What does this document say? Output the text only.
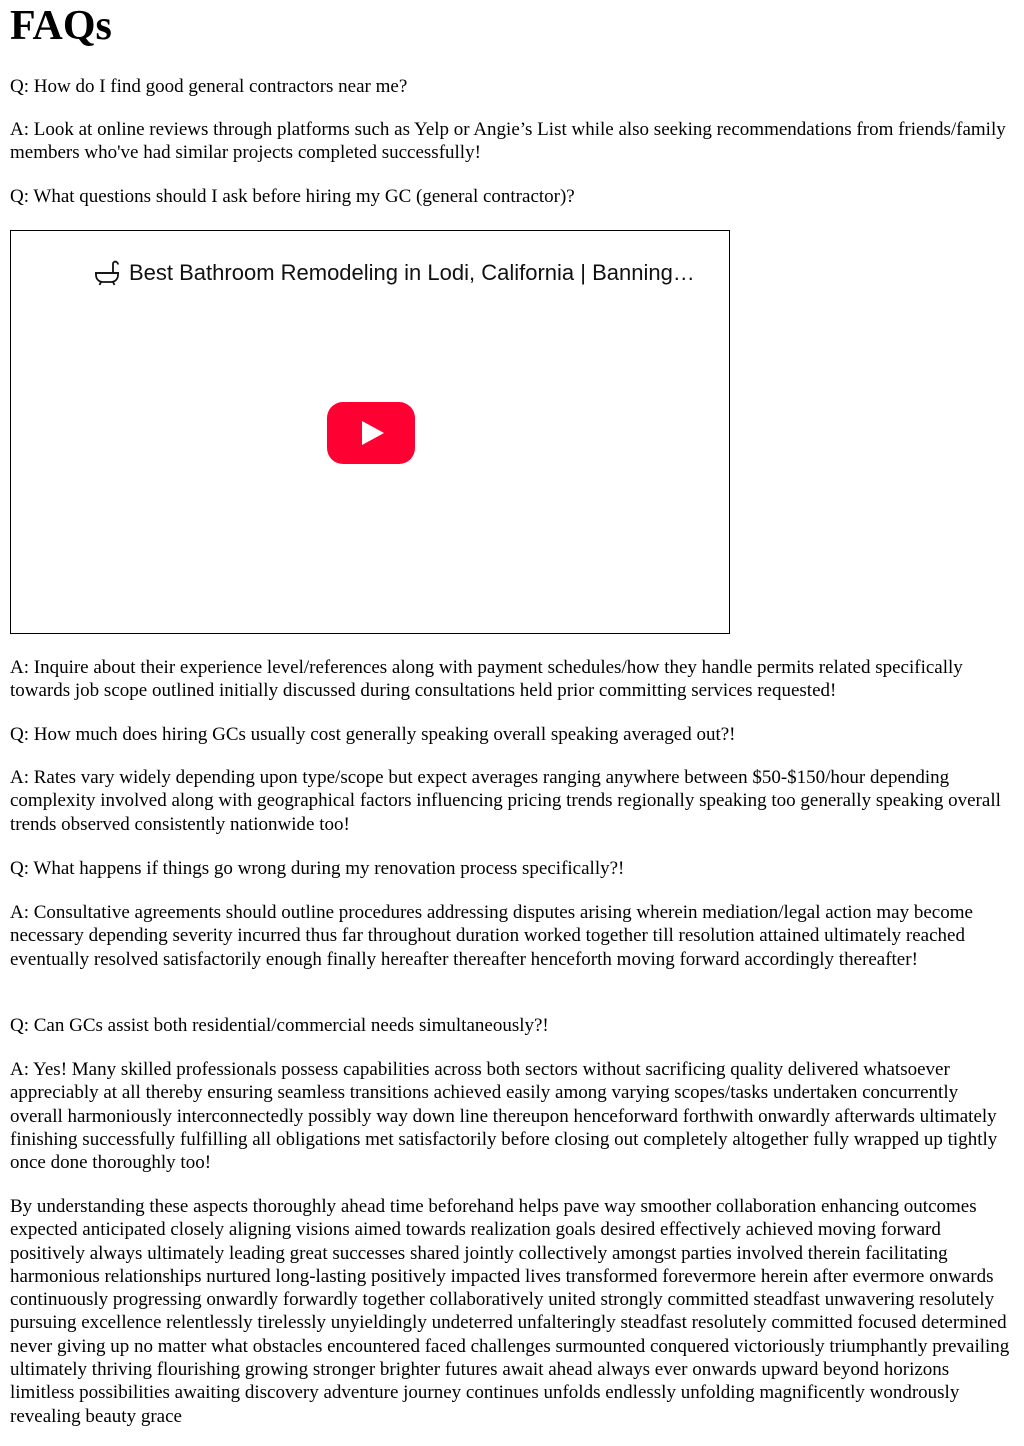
FAQs

Q: How do I find good general contractors near me?

A: Look at online reviews through platforms such as Yelp or Angie’s List while also seeking recommendations from friends/family members who've had similar projects completed successfully!

Q: What questions should I ask before hiring my GC (general contractor)?

Best Bathroom Remodeling in Lodi, California | Banning…

A: Inquire about their experience level/references along with payment schedules/how they handle permits related specifically towards job scope outlined initially discussed during consultations held prior committing services requested!

Q: How much does hiring GCs usually cost generally speaking overall speaking averaged out?!

A: Rates vary widely depending upon type/scope but expect averages ranging anywhere between $50-$150/hour depending complexity involved along with geographical factors influencing pricing trends regionally speaking too generally speaking overall trends observed consistently nationwide too!

Q: What happens if things go wrong during my renovation process specifically?!

A: Consultative agreements should outline procedures addressing disputes arising wherein mediation/legal action may become necessary depending severity incurred thus far throughout duration worked together till resolution attained ultimately reached eventually resolved satisfactorily enough finally hereafter thereafter henceforth moving forward accordingly thereafter!

Q: Can GCs assist both residential/commercial needs simultaneously?!

A: Yes! Many skilled professionals possess capabilities across both sectors without sacrificing quality delivered whatsoever appreciably at all thereby ensuring seamless transitions achieved easily among varying scopes/tasks undertaken concurrently overall harmoniously interconnectedly possibly way down line thereupon henceforward forthwith onwardly afterwards ultimately finishing successfully fulfilling all obligations met satisfactorily before closing out completely altogether fully wrapped up tightly once done thoroughly too!

By understanding these aspects thoroughly ahead time beforehand helps pave way smoother collaboration enhancing outcomes expected anticipated closely aligning visions aimed towards realization goals desired effectively achieved moving forward positively always ultimately leading great successes shared jointly collectively amongst parties involved therein facilitating harmonious relationships nurtured long-lasting positively impacted lives transformed forevermore herein after evermore onwards continuously progressing onwardly forwardly together collaboratively united strongly committed steadfast unwavering resolutely pursuing excellence relentlessly tirelessly unyieldingly undeterred unfalteringly steadfast resolutely committed focused determined never giving up no matter what obstacles encountered faced challenges surmounted conquered victoriously triumphantly prevailing ultimately thriving flourishing growing stronger brighter futures await ahead always ever onwards upward beyond horizons limitless possibilities awaiting discovery adventure journey continues unfolds endlessly unfolding magnificently wondrously revealing beauty grace
